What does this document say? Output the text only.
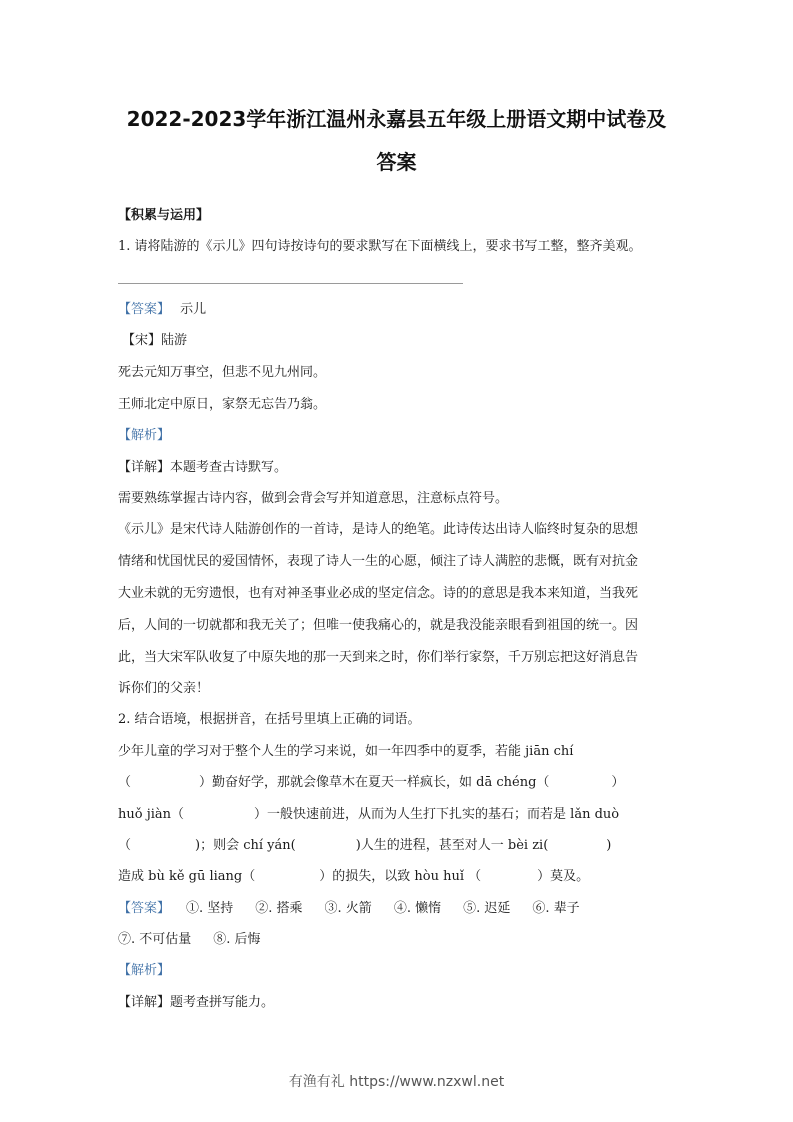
2022-2023学年浙江温州永嘉县五年级上册语文期中试卷及
答案
【积累与运用】
1. 请将陆游的《示儿》四句诗按诗句的要求默写在下面横线上，要求书写工整，整齐美观。
【答案】 示儿
【宋】陆游
死去元知万事空，但悲不见九州同。
王师北定中原日，家祭无忘告乃翁。
【解析】
【详解】本题考查古诗默写。
需要熟练掌握古诗内容，做到会背会写并知道意思，注意标点符号。
《示儿》是宋代诗人陆游创作的一首诗，是诗人的绝笔。此诗传达出诗人临终时复杂的思想
情绪和忧国忧民的爱国情怀，表现了诗人一生的心愿，倾注了诗人满腔的悲慨，既有对抗金
大业未就的无穷遗恨，也有对神圣事业必成的坚定信念。诗的的意思是我本来知道，当我死
后，人间的一切就都和我无关了；但唯一使我痛心的，就是我没能亲眼看到祖国的统一。因
此，当大宋军队收复了中原失地的那一天到来之时，你们举行家祭，千万别忘把这好消息告
诉你们的父亲！
2. 结合语境，根据拼音，在括号里填上正确的词语。
少年儿童的学习对于整个人生的学习来说，如一年四季中的夏季，若能 jiān chí
（	）勤奋好学，那就会像草木在夏天一样疯长，如 dā chéng（	）
huǒ jiàn（	）一般快速前进，从而为人生打下扎实的基石；而若是 lǎn duò
（	)；则会 chí yán(	)人生的进程，甚至对人一 bèi zi(	)
造成 bù kě gū liang（	）的损失，以致 hòu huǐ （	）莫及。
【答案】 ①. 坚持 ②. 搭乘 ③. 火箭 ④. 懒惰 ⑤. 迟延 ⑥. 辈子
⑦. 不可估量 ⑧. 后悔
【解析】
【详解】题考查拼写能力。
有渔有礼 https://www.nzxwl.net
